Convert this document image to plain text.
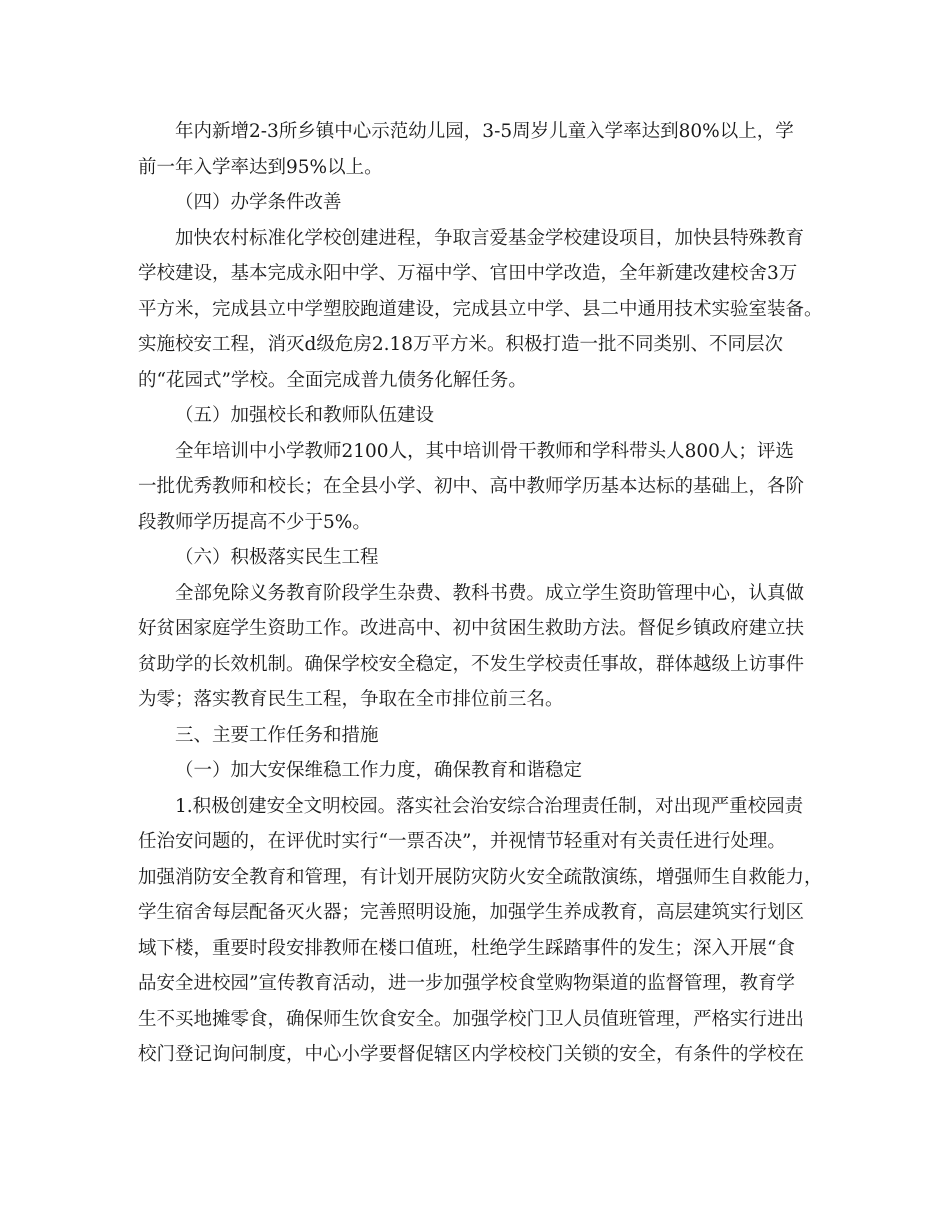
年内新增2-3所乡镇中心示范幼儿园，3-5周岁儿童入学率达到80%以上，学
前一年入学率达到95%以上。
（四）办学条件改善
加快农村标准化学校创建进程，争取言爱基金学校建设项目，加快县特殊教育
学校建设，基本完成永阳中学、万福中学、官田中学改造，全年新建改建校舍3万
平方米，完成县立中学塑胶跑道建设，完成县立中学、县二中通用技术实验室装备。
实施校安工程，消灭d级危房2.18万平方米。积极打造一批不同类别、不同层次
的“花园式”学校。全面完成普九债务化解任务。
（五）加强校长和教师队伍建设
全年培训中小学教师2100人，其中培训骨干教师和学科带头人800人；评选
一批优秀教师和校长；在全县小学、初中、高中教师学历基本达标的基础上，各阶
段教师学历提高不少于5%。
（六）积极落实民生工程
全部免除义务教育阶段学生杂费、教科书费。成立学生资助管理中心，认真做
好贫困家庭学生资助工作。改进高中、初中贫困生救助方法。督促乡镇政府建立扶
贫助学的长效机制。确保学校安全稳定，不发生学校责任事故，群体越级上访事件
为零；落实教育民生工程，争取在全市排位前三名。
三、主要工作任务和措施
（一）加大安保维稳工作力度，确保教育和谐稳定
1.积极创建安全文明校园。落实社会治安综合治理责任制，对出现严重校园责
任治安问题的，在评优时实行“一票否决”，并视情节轻重对有关责任进行处理。
加强消防安全教育和管理，有计划开展防灾防火安全疏散演练，增强师生自救能力，
学生宿舍每层配备灭火器；完善照明设施，加强学生养成教育，高层建筑实行划区
域下楼，重要时段安排教师在楼口值班，杜绝学生踩踏事件的发生；深入开展“食
品安全进校园”宣传教育活动，进一步加强学校食堂购物渠道的监督管理，教育学
生不买地摊零食，确保师生饮食安全。加强学校门卫人员值班管理，严格实行进出
校门登记询问制度，中心小学要督促辖区内学校校门关锁的安全，有条件的学校在
